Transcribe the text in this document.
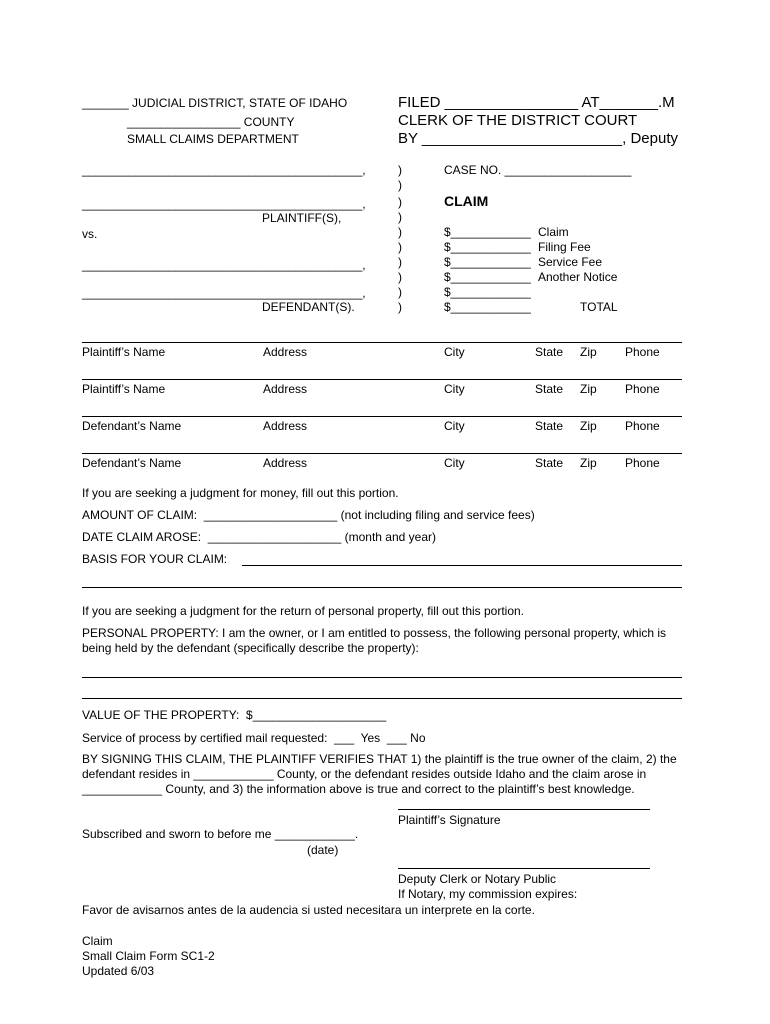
_______ JUDICIAL DISTRICT, STATE OF IDAHO
_________________ COUNTY
SMALL CLAIMS DEPARTMENT
FILED ________________ AT_______.M
CLERK OF THE DISTRICT COURT
BY ________________________, Deputy
__________________________________________,
__________________________________________,
PLAINTIFF(S),
vs.
__________________________________________,
__________________________________________,
DEFENDANT(S).
)
)
)
)
)
)
)
)
)
)
CASE NO. ___________________
CLAIM
$____________ Claim
$____________ Filing Fee
$____________ Service Fee
$____________ Another Notice
$____________
$____________	TOTAL
Plaintiff’s Name	Address	City	State Zip Phone
Plaintiff’s Name	Address	City	State Zip Phone
Defendant’s Name	Address	City	State Zip Phone
Defendant’s Name	Address	City	State Zip Phone
If you are seeking a judgment for money, fill out this portion.
AMOUNT OF CLAIM:  ____________________ (not including filing and service fees)
DATE CLAIM AROSE:  ____________________ (month and year)
BASIS FOR YOUR CLAIM:
If you are seeking a judgment for the return of personal property, fill out this portion.
PERSONAL PROPERTY: I am the owner, or I am entitled to possess, the following personal property, which is being held by the defendant (specifically describe the property):
VALUE OF THE PROPERTY:  $____________________
Service of process by certified mail requested:  ___  Yes  ___ No
BY SIGNING THIS CLAIM, THE PLAINTIFF VERIFIES THAT 1) the plaintiff is the true owner of the claim, 2) the defendant resides in ____________ County, or the defendant resides outside Idaho and the claim arose in ____________ County, and 3) the information above is true and correct to the plaintiff’s best knowledge.
Plaintiff’s Signature
Subscribed and sworn to before me ____________.
(date)
Deputy Clerk or Notary Public
If Notary, my commission expires:
Favor de avisarnos antes de la audencia si usted necesitara un interprete en la corte.
Claim
Small Claim Form SC1-2
Updated 6/03
